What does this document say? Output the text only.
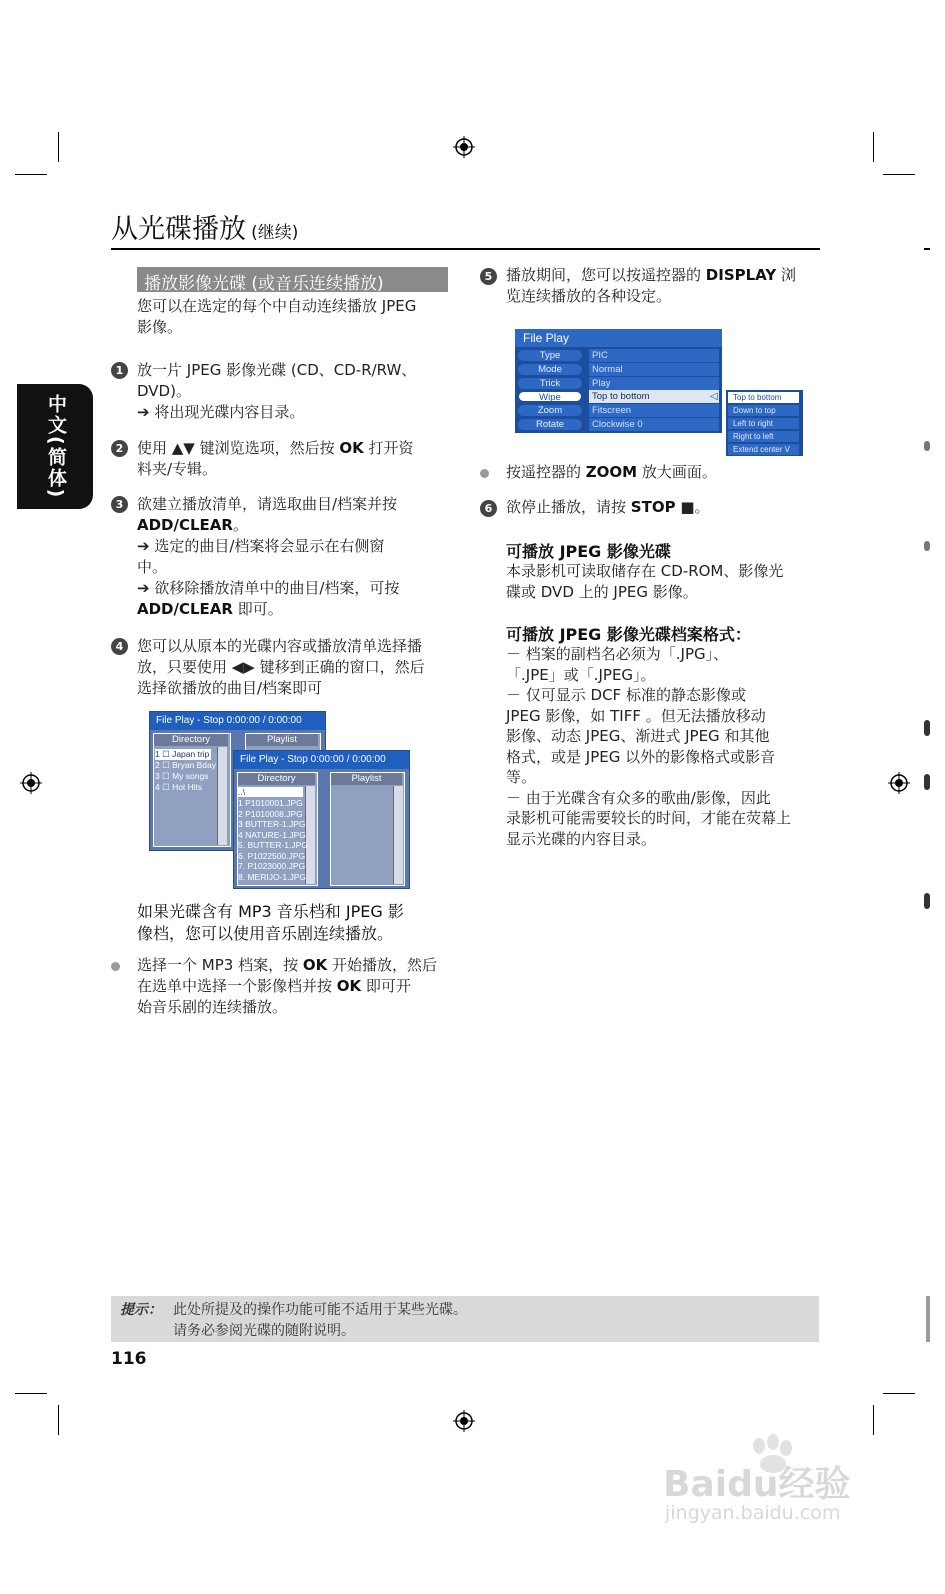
从光碟播放 (继续)
中文(简体)
播放影像光碟 (或音乐连续播放)
您可以在选定的每个中自动连续播放 JPEG
影像。
1 放一片 JPEG 影像光碟 (CD、CD-R/RW、
DVD)。
➔ 将出现光碟内容目录。
2 使用 ▲▼ 键浏览选项，然后按 OK 打开资
料夹/专辑。
3 欲建立播放清单，请选取曲目/档案并按
ADD/CLEAR。
➔ 选定的曲目/档案将会显示在右侧窗
中。
➔ 欲移除播放清单中的曲目/档案，可按
ADD/CLEAR 即可。
4 您可以从原本的光碟内容或播放清单选择播
放，只要使用 ◀▶ 键移到正确的窗口，然后
选择欲播放的曲目/档案即可
File Play - Stop 0:00:00 / 0:00:00
Directory
1 ☐ Japan trip
2 ☐ Bryan Bday
3 ☐ My songs
4 ☐ Hot Hits
Playlist
File Play - Stop 0:00:00 / 0:00:00
Directory
..\
1 P1010001.JPG
2 P1010008.JPG
3 BUTTER-1.JPG
4 NATURE-1.JPG
5. BUTTER-1.JPG
6. P1022500.JPG
7. P1023000.JPG
8. MERIJO-1.JPG
Playlist
如果光碟含有 MP3 音乐档和 JPEG 影
像档，您可以使用音乐剧连续播放。
选择一个 MP3 档案，按 OK 开始播放，然后
在选单中选择一个影像档并按 OK 即可开
始音乐剧的连续播放。
5 播放期间，您可以按遥控器的 DISPLAY 浏
览连续播放的各种设定。
File Play
Type	PIC
Mode	Normal
Trick	Play
Wipe	Top to bottom	◁
Zoom	Fitscreen
Rotate	Clockwise 0
Top to bottom
Down to top
Left to right
Right to left
Extend center V
按遥控器的 ZOOM 放大画面。
6 欲停止播放，请按 STOP ■。
可播放 JPEG 影像光碟
本录影机可读取储存在 CD-ROM、影像光
碟或 DVD 上的 JPEG 影像。
可播放 JPEG 影像光碟档案格式：
－ 档案的副档名必须为「.JPG」、
「.JPE」或「.JPEG」。
－ 仅可显示 DCF 标准的静态影像或
JPEG 影像，如 TIFF 。但无法播放移动
影像、动态 JPEG、渐进式 JPEG 和其他
格式，或是 JPEG 以外的影像格式或影音
等。
－ 由于光碟含有众多的歌曲/影像，因此
录影机可能需要较长的时间，才能在荧幕上
显示光碟的内容目录。
提示： 此处所提及的操作功能可能不适用于某些光碟。
请务必参阅光碟的随附说明。
116
Baidu经验
jingyan.baidu.com
